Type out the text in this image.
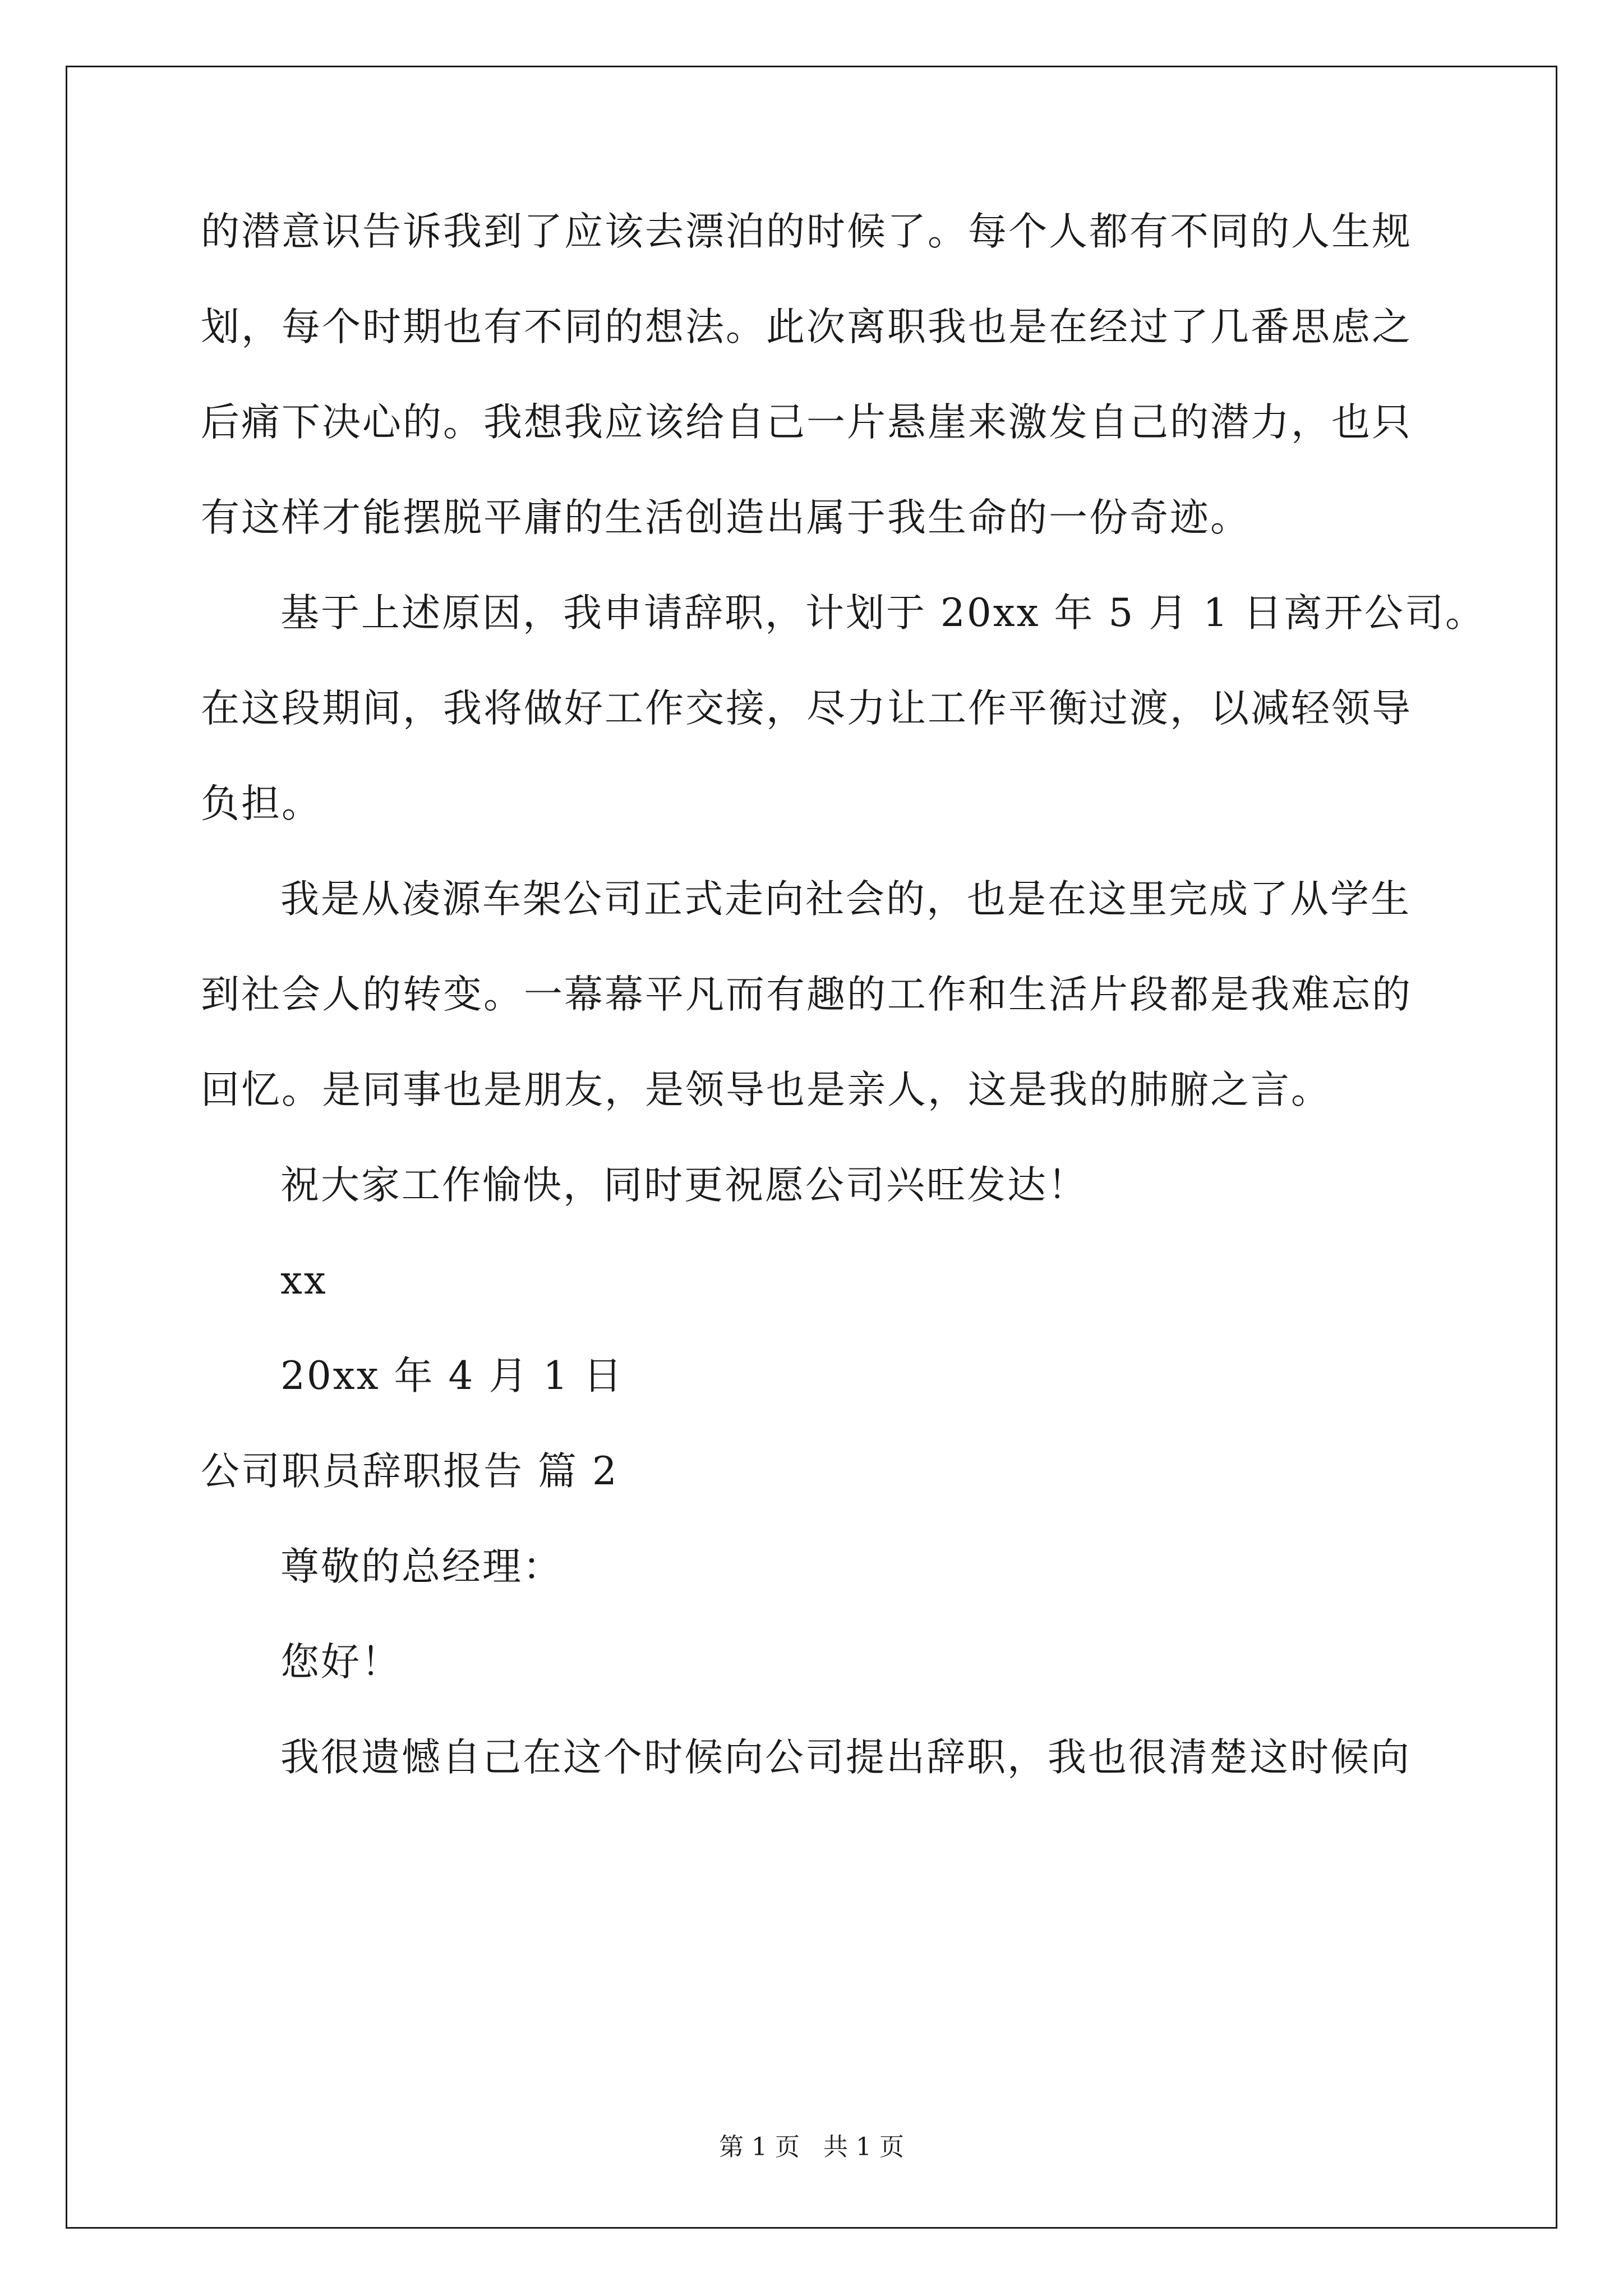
的潜意识告诉我到了应该去漂泊的时候了。每个人都有不同的人生规
划，每个时期也有不同的想法。此次离职我也是在经过了几番思虑之
后痛下决心的。我想我应该给自己一片悬崖来激发自己的潜力，也只
有这样才能摆脱平庸的生活创造出属于我生命的一份奇迹。
基于上述原因，我申请辞职，计划于 20xx 年 5 月 1 日离开公司。
在这段期间，我将做好工作交接，尽力让工作平衡过渡，以减轻领导
负担。
我是从凌源车架公司正式走向社会的，也是在这里完成了从学生
到社会人的转变。一幕幕平凡而有趣的工作和生活片段都是我难忘的
回忆。是同事也是朋友，是领导也是亲人，这是我的肺腑之言。
祝大家工作愉快，同时更祝愿公司兴旺发达！
xx
20xx 年 4 月 1 日
公司职员辞职报告 篇 2
尊敬的总经理：
您好！
我很遗憾自己在这个时候向公司提出辞职，我也很清楚这时候向
第 1 页   共 1 页
